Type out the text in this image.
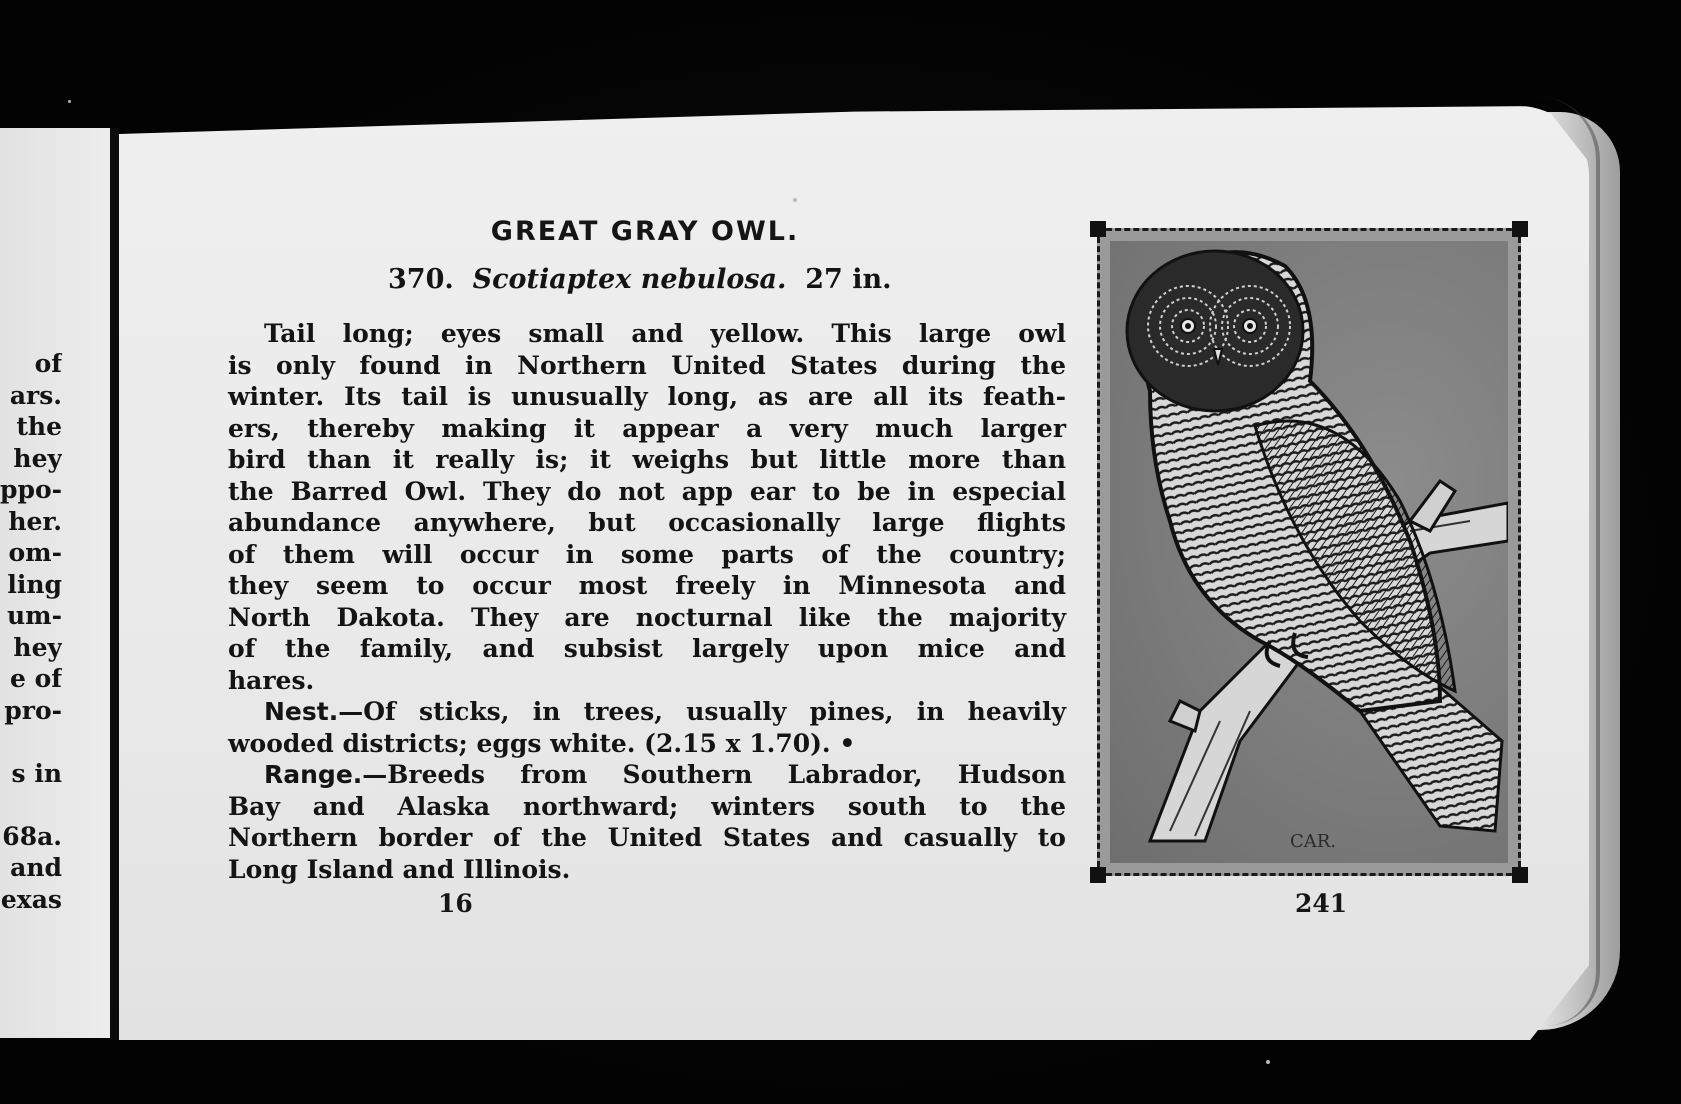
of
ars.
the
hey
ppo-
her.
om-
ling
um-
hey
e of
pro-
s in
68a.
and
exas
GREAT GRAY OWL.
370. Scotiaptex nebulosa. 27 in.
Tail long; eyes small and yellow. This large owl
is only found in Northern United States during the
winter. Its tail is unusually long, as are all its feath-
ers, thereby making it appear a very much larger
bird than it really is; it weighs but little more than
the Barred Owl. They do not app ear to be in especial
abundance anywhere, but occasionally large flights
of them will occur in some parts of the country;
they seem to occur most freely in Minnesota and
North Dakota. They are nocturnal like the majority
of the family, and subsist largely upon mice and
hares.
Nest.—Of sticks, in trees, usually pines, in heavily
wooded districts; eggs white. (2.15 x 1.70). •
Range.—Breeds from Southern Labrador, Hudson
Bay and Alaska northward; winters south to the
Northern border of the United States and casually to
Long Island and Illinois.
16	241
CAR.
